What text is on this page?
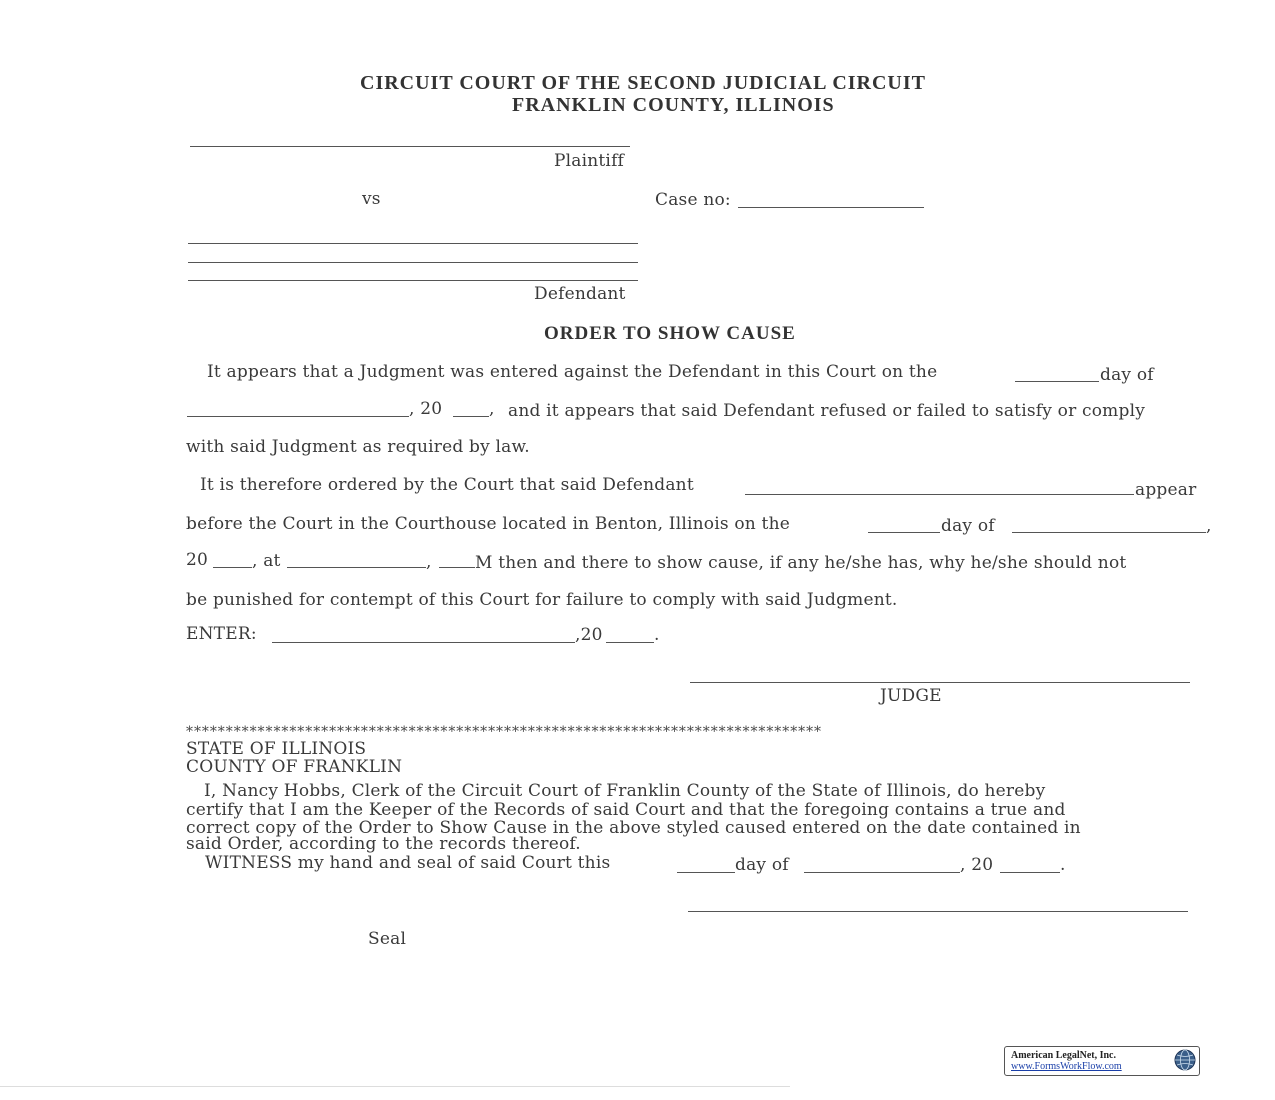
CIRCUIT COURT OF THE SECOND JUDICIAL CIRCUIT
FRANKLIN COUNTY, ILLINOIS
Plaintiff
vs	Case no:
Defendant
ORDER TO SHOW CAUSE
It appears that a Judgment was entered against the Defendant in this Court on the	day of
, 20	, and it appears that said Defendant refused or failed to satisfy or comply
with said Judgment as required by law.
It is therefore ordered by the Court that said Defendant	appear
before the Court in the Courthouse located in Benton, Illinois on the	day of	,
20	, at	,	M then and there to show cause, if any he/she has, why he/she should not
be punished for contempt of this Court for failure to comply with said Judgment.
ENTER:	,20	.
JUDGE
********************************************************************************
STATE OF ILLINOIS
COUNTY OF FRANKLIN
I, Nancy Hobbs, Clerk of the Circuit Court of Franklin County of the State of Illinois, do hereby
certify that I am the Keeper of the Records of said Court and that the foregoing contains a true and
correct copy of the Order to Show Cause in the above styled caused entered on the date contained in
said Order, according to the records thereof.
WITNESS my hand and seal of said Court this	day of	, 20	.
Seal
American LegalNet, Inc.
www.FormsWorkFlow.com
